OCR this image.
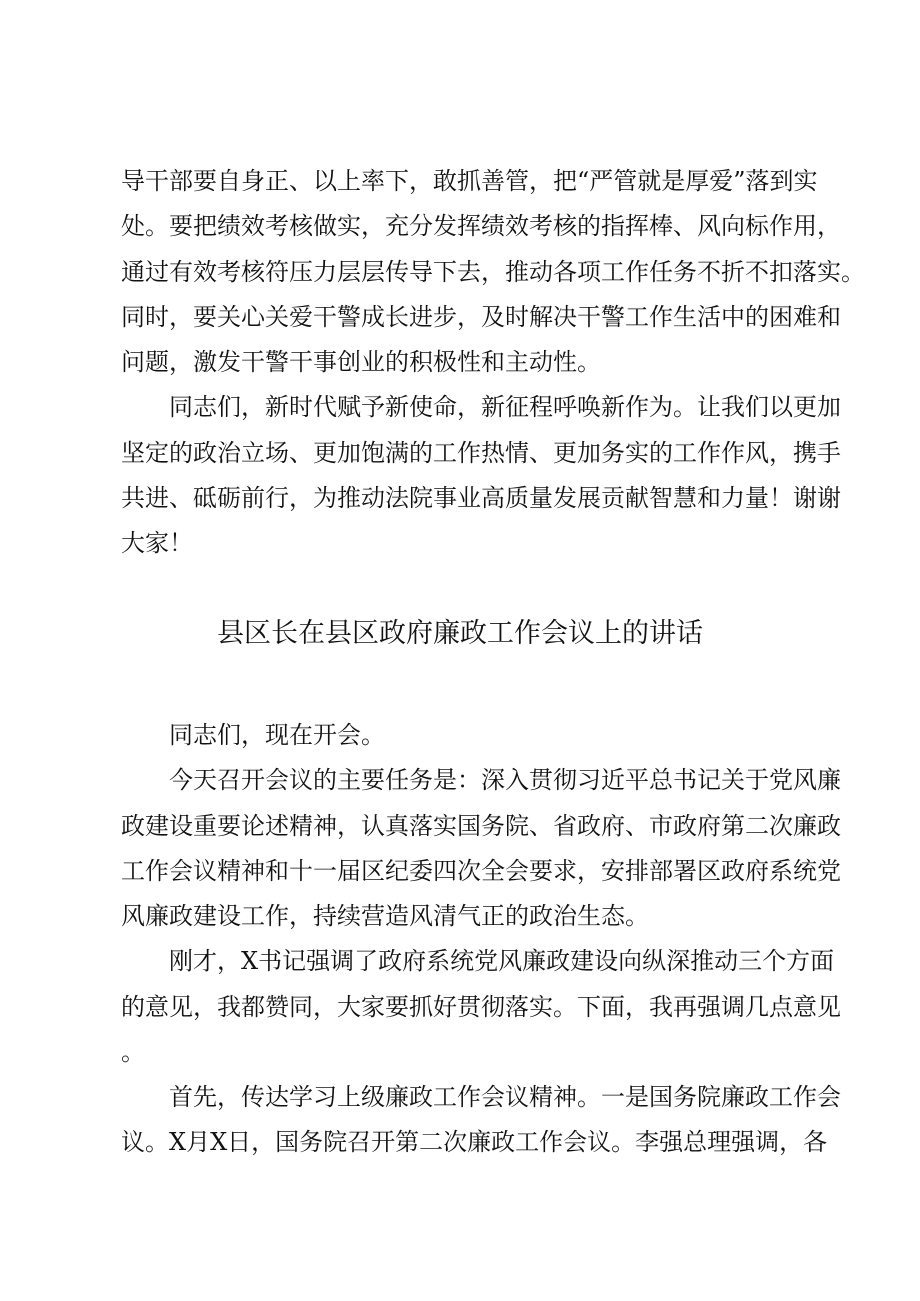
导干部要自身正、以上率下，敢抓善管，把“严管就是厚爱”落到实
处。要把绩效考核做实，充分发挥绩效考核的指挥棒、风向标作用，
通过有效考核符压力层层传导下去，推动各项工作任务不折不扣落实。
同时，要关心关爱干警成长进步，及时解决干警工作生活中的困难和
问题，激发干警干事创业的积极性和主动性。
同志们，新时代赋予新使命，新征程呼唤新作为。让我们以更加
坚定的政治立场、更加饱满的工作热情、更加务实的工作作风，携手
共进、砥砺前行，为推动法院事业高质量发展贡献智慧和力量！谢谢
大家！
县区长在县区政府廉政工作会议上的讲话
同志们，现在开会。
今天召开会议的主要任务是：深入贯彻习近平总书记关于党风廉
政建设重要论述精神，认真落实国务院、省政府、市政府第二次廉政
工作会议精神和十一届区纪委四次全会要求，安排部署区政府系统党
风廉政建设工作，持续营造风清气正的政治生态。
刚才，X书记强调了政府系统党风廉政建设向纵深推动三个方面
的意见，我都赞同，大家要抓好贯彻落实。下面，我再强调几点意见
。
首先，传达学习上级廉政工作会议精神。一是国务院廉政工作会
议。X月X日，国务院召开第二次廉政工作会议。李强总理强调，各
